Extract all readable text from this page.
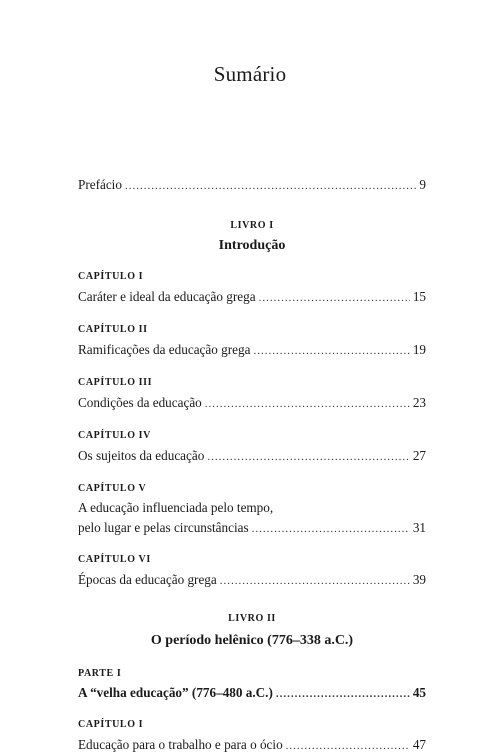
Sumário
Prefácio .....	9
LIVRO I
Introdução
CAPÍTULO I
Caráter e ideal da educação grega .....	15
CAPÍTULO II
Ramificações da educação grega .....	19
CAPÍTULO III
Condições da educação .....	23
CAPÍTULO IV
Os sujeitos da educação .....	27
CAPÍTULO V
A educação influenciada pelo tempo,
pelo lugar e pelas circunstâncias .....	31
CAPÍTULO VI
Épocas da educação grega .....	39
LIVRO II
O período helênico (776–338 a.C.)
PARTE I
A “velha educação” (776–480 a.C.) .....	45
CAPÍTULO I
Educação para o trabalho e para o ócio .....	47
